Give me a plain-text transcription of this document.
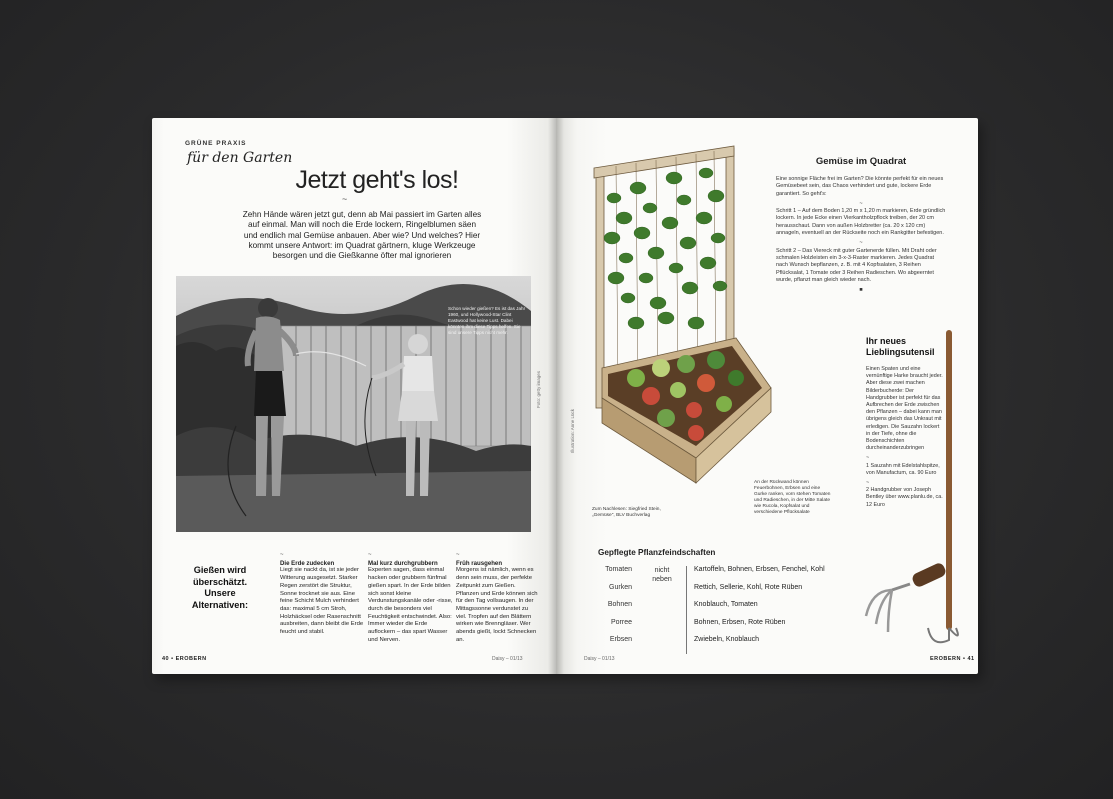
GRÜNE PRAXIS
für den Garten
Jetzt geht's los!
~
Zehn Hände wären jetzt gut, denn ab Mai passiert im Garten alles auf einmal. Man will noch die Erde lockern, Ringelblumen säen und endlich mal Gemüse anbauen. Aber wie? Und welches? Hier kommt unsere Antwort: im Quadrat gärtnern, kluge Werkzeuge besorgen und die Gießkanne öfter mal ignorieren
Schon wieder gießen? Es ist das Jahr 1960, und Hollywood-Star Clint Eastwood hat keine Lust. Dabei könnten ihm diese Tipps helfen. Sie sind unsere Tipps nicht mehr.
Foto: getty images
Gießen wird überschätzt. Unsere Alternativen:
~
Die Erde zudecken
Liegt sie nackt da, ist sie jeder Witterung ausgesetzt. Starker Regen zerstört die Struktur, Sonne trocknet sie aus. Eine feine Schicht Mulch verhindert das: maximal 5 cm Stroh, Holzhäcksel oder Rasenschnitt ausbreiten, dann bleibt die Erde feucht und stabil.
~
Mal kurz durchgrubbern
Experten sagen, dass einmal hacken oder grubbern fünfmal gießen spart. In der Erde bilden sich sonst kleine Verdunstungskanäle oder -risse, durch die besonders viel Feuchtigkeit entschwindet. Also: Immer wieder die Erde auflockern – das spart Wasser und Nerven.
~
Früh rausgehen
Morgens ist nämlich, wenn es denn sein muss, der perfekte Zeitpunkt zum Gießen. Pflanzen und Erde können sich für den Tag vollsaugen. In der Mittagssonne verdunstet zu viel. Tropfen auf den Blättern wirken wie Brenngläser. Wer abends gießt, lockt Schnecken an.
40 • EROBERN	Daisy – 01/13
Illustration: Anne Lück
Gemüse im Quadrat

Eine sonnige Fläche frei im Garten? Die könnte perfekt für ein neues Gemüsebeet sein, das Chaos verhindert und gute, lockere Erde garantiert. So geht's:

~

Schritt 1 – Auf dem Boden 1,20 m x 1,20 m markieren, Erde gründlich lockern. In jede Ecke einen Vierkantholzpflock treiben, der 20 cm herausschaut. Dann von außen Holzbretter (ca. 20 x 120 cm) annageln, eventuell an der Rückseite noch ein Rankgitter befestigen.

~

Schritt 2 – Das Viereck mit guter Gartenerde füllen. Mit Draht oder schmalen Holzleisten ein 3-x-3-Raster markieren. Jedes Quadrat nach Wunsch bepflanzen, z. B. mit 4 Kopfsalaten, 3 Reihen Pflücksalat, 1 Tomate oder 3 Reihen Radieschen. Wo abgeerntet wurde, pflanzt man gleich wieder nach.

■

Ihr neues Lieblingsutensil

Einen Spaten und eine vernünftige Harke braucht jeder. Aber diese zwei machen Bilderbucherde: Der Handgrubber ist perfekt für das Aufbrechen der Erde zwischen den Pflanzen – dabei kann man übrigens gleich das Unkraut mit erledigen. Die Sauzahn lockert in der Tiefe, ohne die Bodenschichten durcheinanderzubringen

~

1 Sauzahn mit Edelstahlspitze, von Manufactum, ca. 90 Euro

~

2 Handgrubber von Joseph Bentley über www.planlu.de, ca. 12 Euro

An der Rückwand können Feuerbohnen, Erbsen und eine Gurke ranken, vorn stehen Tomaten und Radieschen, in der Mitte Salate wie Rucola, Kopfsalat und verschiedene Pflücksalate
Zum Nachlesen: Siegfried Stein, „Gemüse", BLV Buchverlag
Gepflegte Pflanzfeindschaften
nicht neben
Tomaten	Kartoffeln, Bohnen, Erbsen, Fenchel, Kohl
Gurken	Rettich, Sellerie, Kohl, Rote Rüben
Bohnen	Knoblauch, Tomaten
Porree	Bohnen, Erbsen, Rote Rüben
Erbsen	Zwiebeln, Knoblauch
Daisy – 01/13	EROBERN • 41
